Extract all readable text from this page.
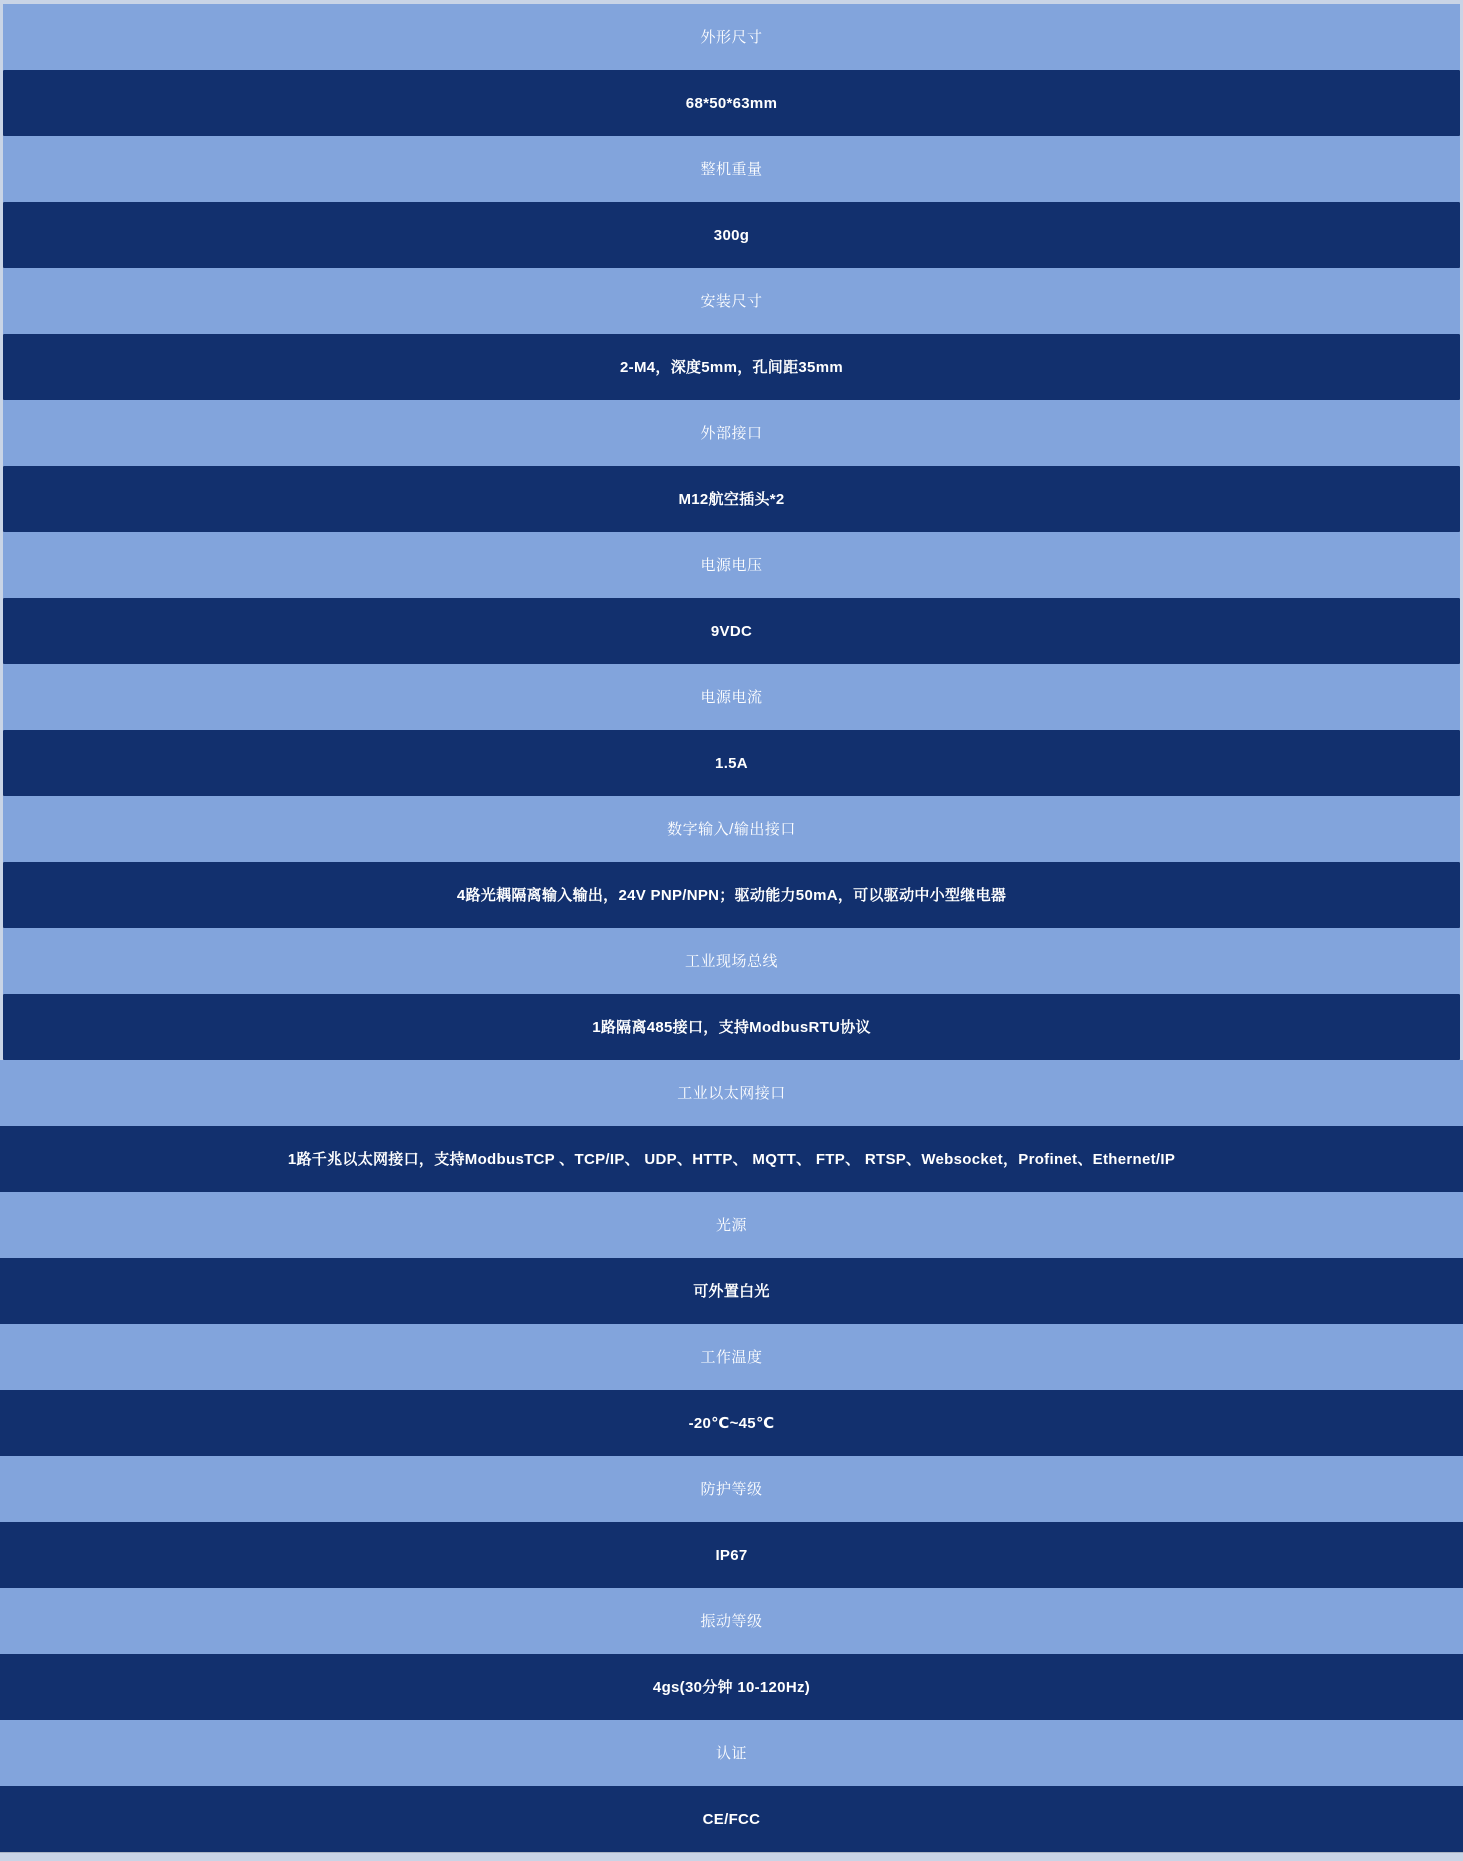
外形尺寸
68*50*63mm
整机重量
300g
安装尺寸
2-M4，深度5mm，孔间距35mm
外部接口
M12航空插头*2
电源电压
9VDC
电源电流
1.5A
数字输入/输出接口
4路光耦隔离输入输出，24V PNP/NPN；驱动能力50mA，可以驱动中小型继电器
工业现场总线
1路隔离485接口，支持ModbusRTU协议
工业以太网接口
1路千兆以太网接口，支持ModbusTCP 、TCP/IP、 UDP、HTTP、 MQTT、 FTP、 RTSP、Websocket，Profinet、Ethernet/IP
光源
可外置白光
工作温度
-20℃~45℃
防护等级
IP67
振动等级
4gs(30分钟 10-120Hz)
认证
CE/FCC
